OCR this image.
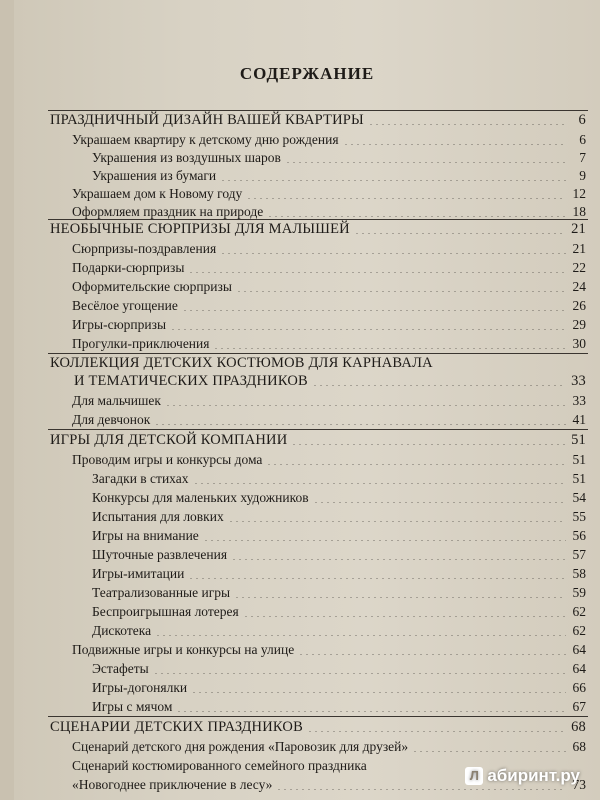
СОДЕРЖАНИЕ
ПРАЗДНИЧНЫЙ ДИЗАЙН ВАШЕЙ КВАРТИРЫ	6
Украшаем квартиру к детскому дню рождения	6
Украшения из воздушных шаров	7
Украшения из бумаги	9
Украшаем дом к Новому году	12
Оформляем праздник на природе	18
НЕОБЫЧНЫЕ СЮРПРИЗЫ ДЛЯ МАЛЫШЕЙ	21
Сюрпризы-поздравления	21
Подарки-сюрпризы	22
Оформительские сюрпризы	24
Весёлое угощение	26
Игры-сюрпризы	29
Прогулки-приключения	30
КОЛЛЕКЦИЯ ДЕТСКИХ КОСТЮМОВ ДЛЯ КАРНАВАЛА
И ТЕМАТИЧЕСКИХ ПРАЗДНИКОВ	33
Для мальчишек	33
Для девчонок	41
ИГРЫ ДЛЯ ДЕТСКОЙ КОМПАНИИ	51
Проводим игры и конкурсы дома	51
Загадки в стихах	51
Конкурсы для маленьких художников	54
Испытания для ловких	55
Игры на внимание	56
Шуточные развлечения	57
Игры-имитации	58
Театрализованные игры	59
Беспроигрышная лотерея	62
Дискотека	62
Подвижные игры и конкурсы на улице	64
Эстафеты	64
Игры-догонялки	66
Игры с мячом	67
СЦЕНАРИИ ДЕТСКИХ ПРАЗДНИКОВ	68
Сценарий детского дня рождения «Паровозик для друзей»	68
Сценарий костюмированного семейного праздника
«Новогоднее приключение в лесу»	73
Л абиринт.ру
